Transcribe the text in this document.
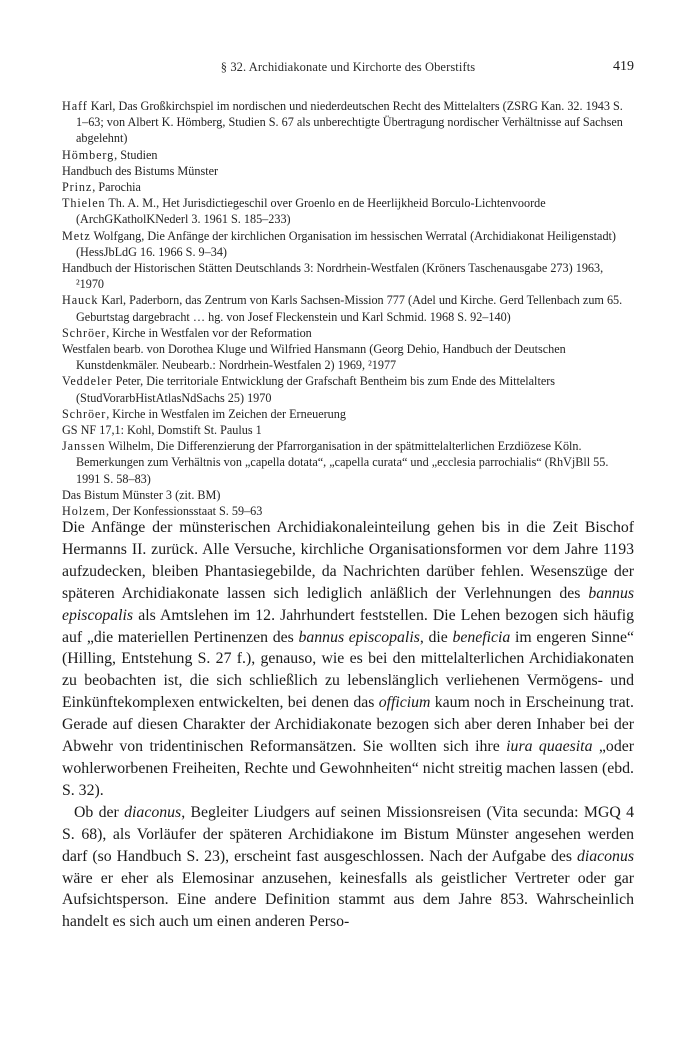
§ 32. Archidiakonate und Kirchorte des Oberstifts	419
Haff Karl, Das Großkirchspiel im nordischen und niederdeutschen Recht des Mittelalters (ZSRG Kan. 32. 1943 S. 1–63; von Albert K. Hömberg, Studien S. 67 als unberechtigte Übertragung nordischer Verhältnisse auf Sachsen abgelehnt)
Hömberg, Studien
Handbuch des Bistums Münster
Prinz, Parochia
Thielen Th. A. M., Het Jurisdictiegeschil over Groenlo en de Heerlijkheid Borculo-Lichtenvoorde (ArchGKatholKNederl 3. 1961 S. 185–233)
Metz Wolfgang, Die Anfänge der kirchlichen Organisation im hessischen Werratal (Archidiakonat Heiligenstadt) (HessJbLdG 16. 1966 S. 9–34)
Handbuch der Historischen Stätten Deutschlands 3: Nordrhein-Westfalen (Kröners Taschenausgabe 273) 1963, ²1970
Hauck Karl, Paderborn, das Zentrum von Karls Sachsen-Mission 777 (Adel und Kirche. Gerd Tellenbach zum 65. Geburtstag dargebracht … hg. von Josef Fleckenstein und Karl Schmid. 1968 S. 92–140)
Schröer, Kirche in Westfalen vor der Reformation
Westfalen bearb. von Dorothea Kluge und Wilfried Hansmann (Georg Dehio, Handbuch der Deutschen Kunstdenkmäler. Neubearb.: Nordrhein-Westfalen 2) 1969, ²1977
Veddeler Peter, Die territoriale Entwicklung der Grafschaft Bentheim bis zum Ende des Mittelalters (StudVorarbHistAtlasNdSachs 25) 1970
Schröer, Kirche in Westfalen im Zeichen der Erneuerung
GS NF 17,1: Kohl, Domstift St. Paulus 1
Janssen Wilhelm, Die Differenzierung der Pfarrorganisation in der spätmittelalterlichen Erzdiözese Köln. Bemerkungen zum Verhältnis von „capella dotata“, „capella curata“ und „ecclesia parrochialis“ (RhVjBll 55. 1991 S. 58–83)
Das Bistum Münster 3 (zit. BM)
Holzem, Der Konfessionsstaat S. 59–63

Die Anfänge der münsterischen Archidiakonaleinteilung gehen bis in die Zeit Bischof Hermanns II. zurück. Alle Versuche, kirchliche Organisationsformen vor dem Jahre 1193 aufzudecken, bleiben Phantasiegebilde, da Nachrichten darüber fehlen. Wesenszüge der späteren Archidiakonate lassen sich lediglich anläßlich der Verlehnungen des bannus episcopalis als Amtslehen im 12. Jahrhundert feststellen. Die Lehen bezogen sich häufig auf „die materiellen Pertinenzen des bannus episcopalis, die beneficia im engeren Sinne“ (Hilling, Entstehung S. 27 f.), genauso, wie es bei den mittelalterlichen Archidiakonaten zu beobachten ist, die sich schließlich zu lebenslänglich verliehenen Vermögens- und Einkünftekomplexen entwickelten, bei denen das officium kaum noch in Erscheinung trat. Gerade auf diesen Charakter der Archidiakonate bezogen sich aber deren Inhaber bei der Abwehr von tridentinischen Reformansätzen. Sie wollten sich ihre iura quaesita „oder wohlerworbenen Freiheiten, Rechte und Gewohnheiten“ nicht streitig machen lassen (ebd. S. 32).

Ob der diaconus, Begleiter Liudgers auf seinen Missionsreisen (Vita secunda: MGQ 4 S. 68), als Vorläufer der späteren Archidiakone im Bistum Münster angesehen werden darf (so Handbuch S. 23), erscheint fast ausgeschlossen. Nach der Aufgabe des diaconus wäre er eher als Elemosinar anzusehen, keinesfalls als geistlicher Vertreter oder gar Aufsichtsperson. Eine andere Definition stammt aus dem Jahre 853. Wahrscheinlich handelt es sich auch um einen anderen Perso-
